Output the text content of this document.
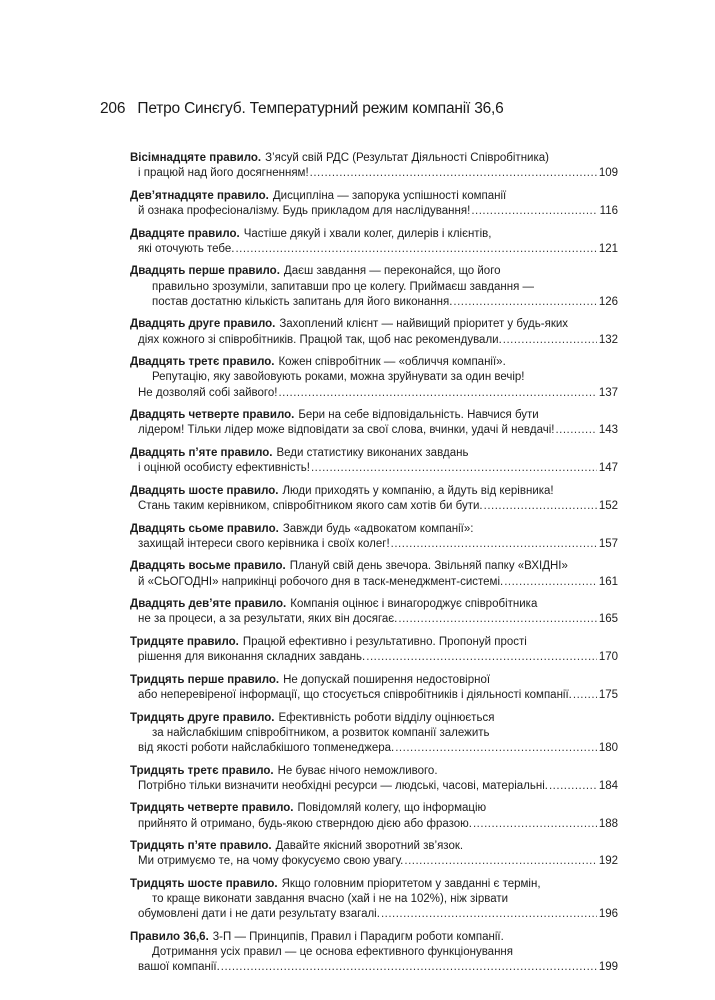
206 Петро Синєгуб. Температурний режим компанії 36,6
Вісімнадцяте правило. З’ясуй свій РДС (Результат Діяльності Співробітника)
і працюй над його досягненням! .....	109
Дев’ятнадцяте правило. Дисципліна — запорука успішності компанії
й ознака професіоналізму. Будь прикладом для наслідування! .....	116
Двадцяте правило. Частіше дякуй і хвали колег, дилерів і клієнтів,
які оточують тебе. .....	121
Двадцять перше правило. Даєш завдання — переконайся, що його
правильно зрозуміли, запитавши про це колегу. Приймаєш завдання —
постав достатню кількість запитань для його виконання. .....	126
Двадцять друге правило. Захоплений клієнт — найвищий пріоритет у будь-яких
діях кожного зі співробітників. Працюй так, щоб нас рекомендували. .....	132
Двадцять третє правило. Кожен співробітник — «обличчя компанії».
Репутацію, яку завойовують роками, можна зруйнувати за один вечір!
Не дозволяй собі зайвого! .....	137
Двадцять четверте правило. Бери на себе відповідальність. Навчися бути
лідером! Тільки лідер може відповідати за свої слова, вчинки, удачі й невдачі! .....	143
Двадцять п’яте правило. Веди статистику виконаних завдань
і оцінюй особисту ефективність! .....	147
Двадцять шосте правило. Люди приходять у компанію, а йдуть від керівника!
Стань таким керівником, співробітником якого сам хотів би бути. .....	152
Двадцять сьоме правило. Завжди будь «адвокатом компанії»:
захищай інтереси свого керівника і своїх колег! .....	157
Двадцять восьме правило. Плануй свій день звечора. Звільняй папку «ВХІДНІ»
й «СЬОГОДНІ» наприкінці робочого дня в таск-менеджмент-системі. .....	161
Двадцять дев’яте правило. Компанія оцінює і винагороджує співробітника
не за процеси, а за результати, яких він досягає. .....	165
Тридцяте правило. Працюй ефективно і результативно. Пропонуй прості
рішення для виконання складних завдань. .....	170
Тридцять перше правило. Не допускай поширення недостовірної
або неперевіреної інформації, що стосується співробітників і діяльності компанії. ..... 175
Тридцять друге правило. Ефективність роботи відділу оцінюється
за найслабкішим співробітником, а розвиток компанії залежить
від якості роботи найслабкішого топменеджера. .....	180
Тридцять третє правило. Не буває нічого неможливого.
Потрібно тільки визначити необхідні ресурси — людські, часові, матеріальні. .....	184
Тридцять четверте правило. Повідомляй колегу, що інформацію
прийнято й отримано, будь-якою стверндою дією або фразою. .....	188
Тридцять п’яте правило. Давайте якісний зворотний зв’язок.
Ми отримуємо те, на чому фокусуємо свою увагу. .....	192
Тридцять шосте правило. Якщо головним пріоритетом у завданні є термін,
то краще виконати завдання вчасно (хай і не на 102%), ніж зірвати
обумовлені дати і не дати результату взагалі. .....	196
Правило 36,6. 3-П — Принципів, Правил і Парадигм роботи компанії.
Дотримання усіх правил — це основа ефективного функціонування
вашої компанії. .....	199
